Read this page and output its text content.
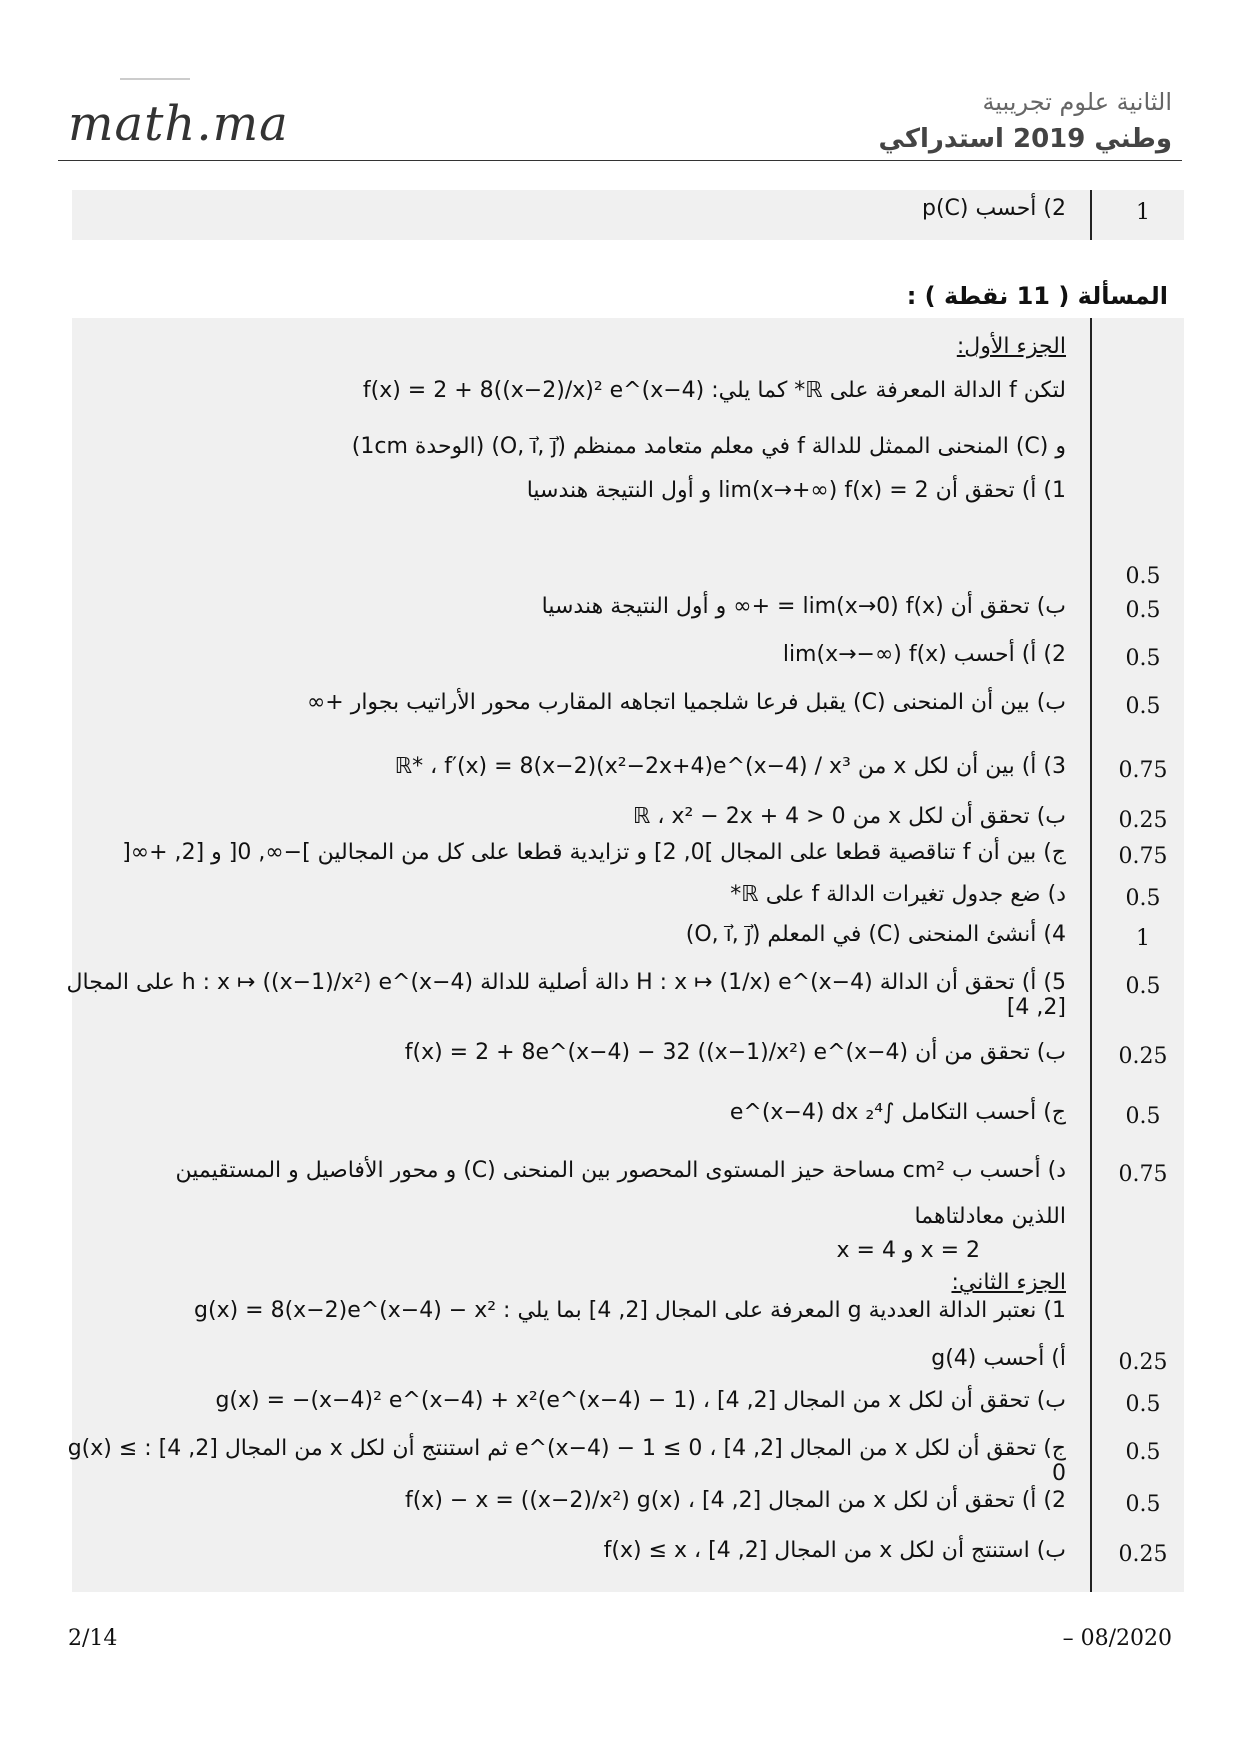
math.ma	الثانية علوم تجريبية
وطني 2019 استدراكي
1
2) أحسب p(C)
المسألة ( 11 نقطة ) :
الجزء الأول:
لتكن f الدالة المعرفة على ℝ* كما يلي: f(x) = 2 + 8((x−2)/x)² e^(x−4)
و (C) المنحنى الممثل للدالة f في معلم متعامد ممنظم (O, i⃗, j⃗) (الوحدة 1cm)
1) أ) تحقق أن lim(x→+∞) f(x) = 2 و أول النتيجة هندسيا
0.5
0.5
ب) تحقق أن lim(x→0) f(x) = +∞ و أول النتيجة هندسيا
0.5
2) أ) أحسب lim(x→−∞) f(x)
0.5
ب) بين أن المنحنى (C) يقبل فرعا شلجميا اتجاهه المقارب محور الأراتيب بجوار +∞
0.75
3) أ) بين أن لكل x من ℝ* ، f′(x) = 8(x−2)(x²−2x+4)e^(x−4) / x³
0.25
ب) تحقق أن لكل x من ℝ ، x² − 2x + 4 > 0
0.75
ج) بين أن f تناقصية قطعا على المجال ]0, 2] و تزايدية قطعا على كل من المجالين ]−∞, 0[ و [2, +∞[
0.5
د) ضع جدول تغيرات الدالة f على ℝ*
1
4) أنشئ المنحنى (C) في المعلم (O, i⃗, j⃗)
0.5
5) أ) تحقق أن الدالة H : x ↦ (1/x) e^(x−4) دالة أصلية للدالة h : x ↦ ((x−1)/x²) e^(x−4) على المجال [2, 4]
0.25
ب) تحقق من أن f(x) = 2 + 8e^(x−4) − 32 ((x−1)/x²) e^(x−4)
0.5
ج) أحسب التكامل ∫₂⁴ e^(x−4) dx
0.75
د) أحسب ب cm² مساحة حيز المستوى المحصور بين المنحنى (C) و محور الأفاصيل و المستقيمين
اللذين معادلتاهما
x = 2 و x = 4
الجزء الثاني:
1) نعتبر الدالة العددية g المعرفة على المجال [2, 4] بما يلي : g(x) = 8(x−2)e^(x−4) − x²
0.25
أ) أحسب g(4)
0.5
ب) تحقق أن لكل x من المجال [2, 4] ، g(x) = −(x−4)² e^(x−4) + x²(e^(x−4) − 1)
0.5
ج) تحقق أن لكل x من المجال [2, 4] ، e^(x−4) − 1 ≤ 0 ثم استنتج أن لكل x من المجال [2, 4] : g(x) ≤ 0
0.5
2) أ) تحقق أن لكل x من المجال [2, 4] ، f(x) − x = ((x−2)/x²) g(x)
0.25
ب) استنتج أن لكل x من المجال [2, 4] ، f(x) ≤ x
2/14	– 08/2020
